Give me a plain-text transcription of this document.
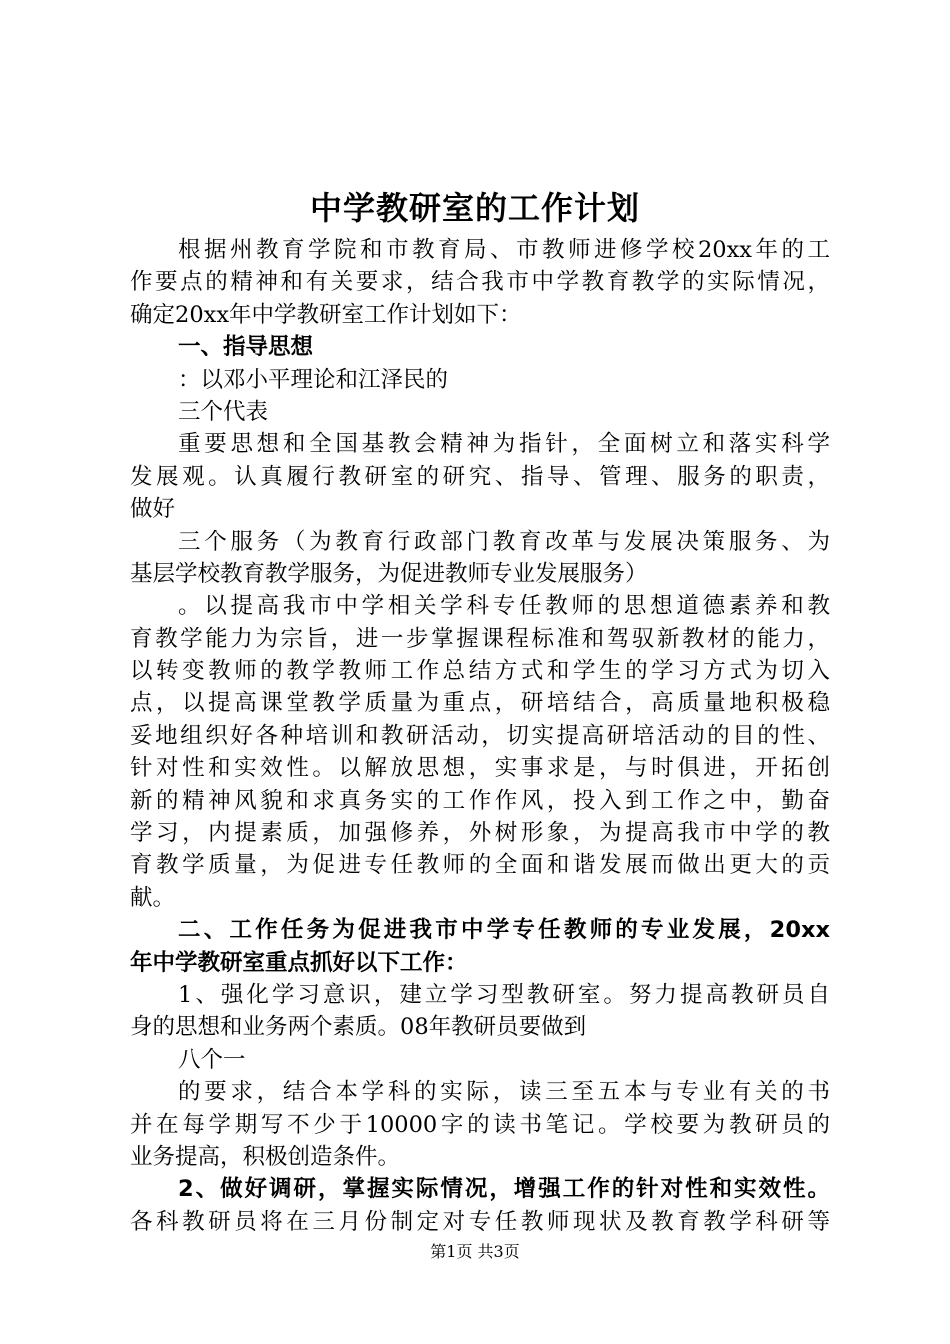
中学教研室的工作计划
根据州教育学院和市教育局、市教师进修学校20xx年的工
作要点的精神和有关要求，结合我市中学教育教学的实际情况，
确定20xx年中学教研室工作计划如下：
一、指导思想
：以邓小平理论和江泽民的
三个代表
重要思想和全国基教会精神为指针，全面树立和落实科学
发展观。认真履行教研室的研究、指导、管理、服务的职责，
做好
三个服务（为教育行政部门教育改革与发展决策服务、为
基层学校教育教学服务，为促进教师专业发展服务）
。以提高我市中学相关学科专任教师的思想道德素养和教
育教学能力为宗旨，进一步掌握课程标准和驾驭新教材的能力，
以转变教师的教学教师工作总结方式和学生的学习方式为切入
点，以提高课堂教学质量为重点，研培结合，高质量地积极稳
妥地组织好各种培训和教研活动，切实提高研培活动的目的性、
针对性和实效性。以解放思想，实事求是，与时俱进，开拓创
新的精神风貌和求真务实的工作作风，投入到工作之中，勤奋
学习，内提素质，加强修养，外树形象，为提高我市中学的教
育教学质量，为促进专任教师的全面和谐发展而做出更大的贡
献。
二、工作任务为促进我市中学专任教师的专业发展，20xx
年中学教研室重点抓好以下工作：
1、强化学习意识，建立学习型教研室。努力提高教研员自
身的思想和业务两个素质。08年教研员要做到
八个一
的要求，结合本学科的实际，读三至五本与专业有关的书
并在每学期写不少于10000字的读书笔记。学校要为教研员的
业务提高，积极创造条件。
2、做好调研，掌握实际情况，增强工作的针对性和实效性。
各科教研员将在三月份制定对专任教师现状及教育教学科研等
第1页 共3页
